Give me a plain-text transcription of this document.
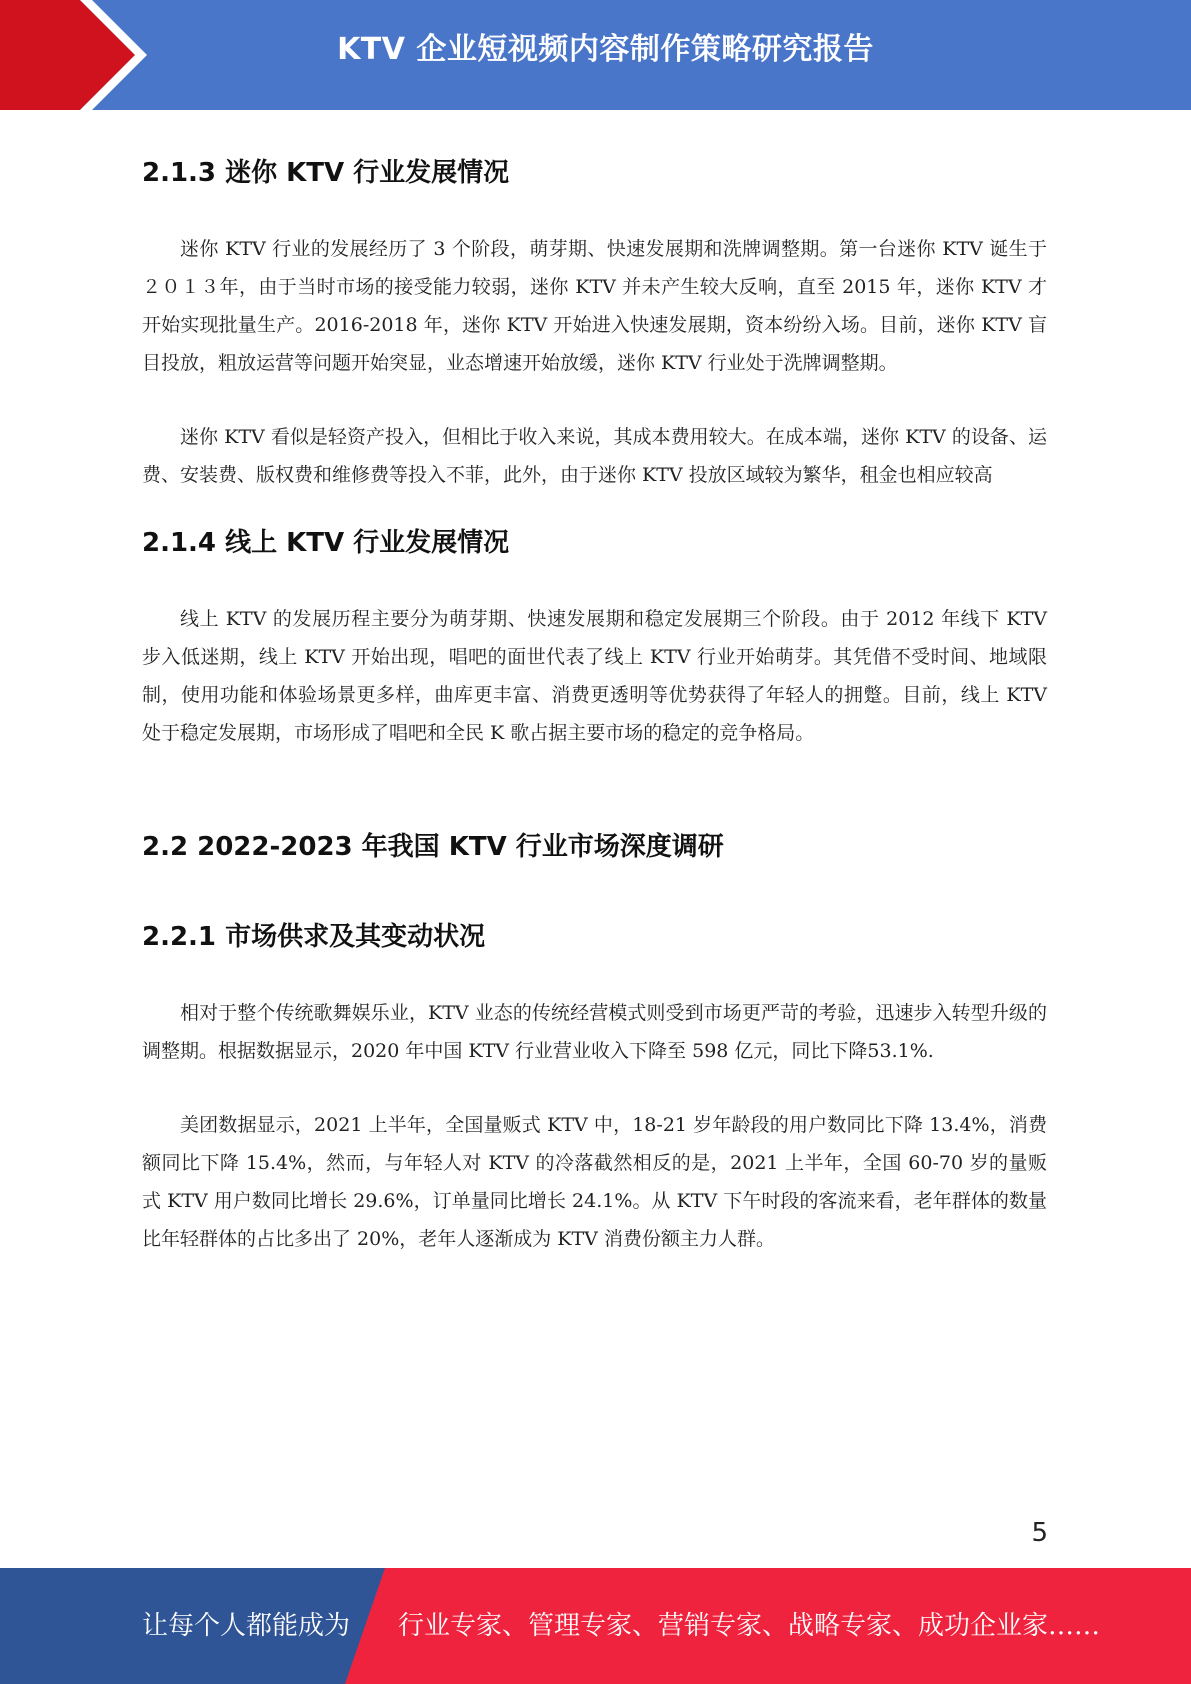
KTV 企业短视频内容制作策略研究报告
2.1.3 迷你 KTV 行业发展情况

迷你 KTV 行业的发展经历了 3 个阶段，萌芽期、快速发展期和洗牌调整期。第一台迷你 KTV 诞生于２０１３年，由于当时市场的接受能力较弱，迷你 KTV 并未产生较大反响，直至 2015 年，迷你 KTV 才开始实现批量生产。2016-2018 年，迷你 KTV 开始进入快速发展期，资本纷纷入场。目前，迷你 KTV 盲目投放，粗放运营等问题开始突显，业态增速开始放缓，迷你 KTV 行业处于洗牌调整期。

迷你 KTV 看似是轻资产投入，但相比于收入来说，其成本费用较大。在成本端，迷你 KTV 的设备、运费、安装费、版权费和维修费等投入不菲，此外，由于迷你 KTV 投放区域较为繁华，租金也相应较高

2.1.4 线上 KTV 行业发展情况

线上 KTV 的发展历程主要分为萌芽期、快速发展期和稳定发展期三个阶段。由于 2012 年线下 KTV 步入低迷期，线上 KTV 开始出现，唱吧的面世代表了线上 KTV 行业开始萌芽。其凭借不受时间、地域限制，使用功能和体验场景更多样，曲库更丰富、消费更透明等优势获得了年轻人的拥蹩。目前，线上 KTV 处于稳定发展期，市场形成了唱吧和全民 K 歌占据主要市场的稳定的竞争格局。

2.2 2022-2023 年我国 KTV 行业市场深度调研
2.2.1 市场供求及其变动状况

相对于整个传统歌舞娱乐业，KTV 业态的传统经营模式则受到市场更严苛的考验，迅速步入转型升级的调整期。根据数据显示，2020 年中国 KTV 行业营业收入下降至 598 亿元，同比下降53.1%.

美团数据显示，2021 上半年，全国量贩式 KTV 中，18-21 岁年龄段的用户数同比下降 13.4%，消费额同比下降 15.4%，然而，与年轻人对 KTV 的冷落截然相反的是，2021 上半年，全国 60-70 岁的量贩式 KTV 用户数同比增长 29.6%，订单量同比增长 24.1%。从 KTV 下午时段的客流来看，老年群体的数量比年轻群体的占比多出了 20%，老年人逐渐成为 KTV 消费份额主力人群。

5
让每个人都能成为 行业专家、管理专家、营销专家、战略专家、成功企业家……
